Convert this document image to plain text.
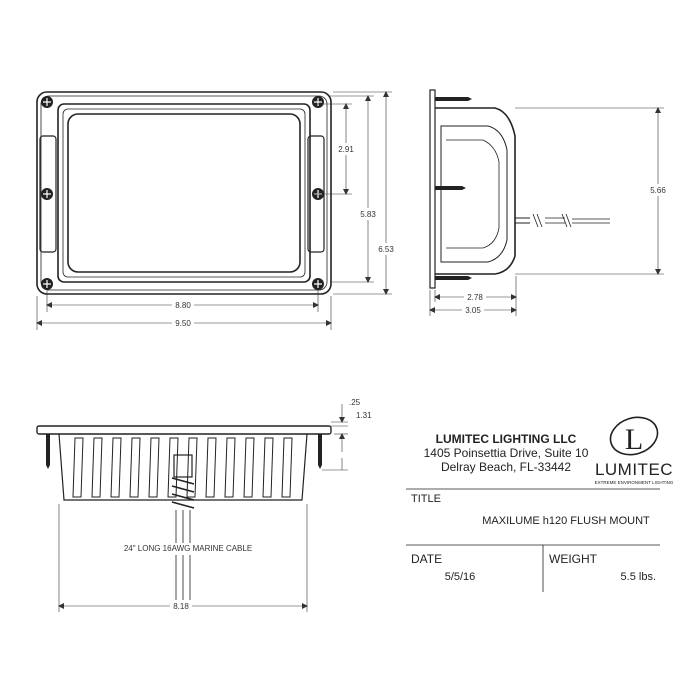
2.91
5.83
6.53
8.80
9.50
5.66
2.78
3.05
.25
1.31
24" LONG 16AWG MARINE CABLE
8.18
LUMITEC LIGHTING LLC
1405 Poinsettia Drive, Suite 10
Delray Beach, FL-33442
L
LUMITEC
EXTREME ENVIRONMENT LIGHTING
TITLE
MAXILUME h120 FLUSH MOUNT
DATE
5/5/16
WEIGHT
5.5 lbs.
